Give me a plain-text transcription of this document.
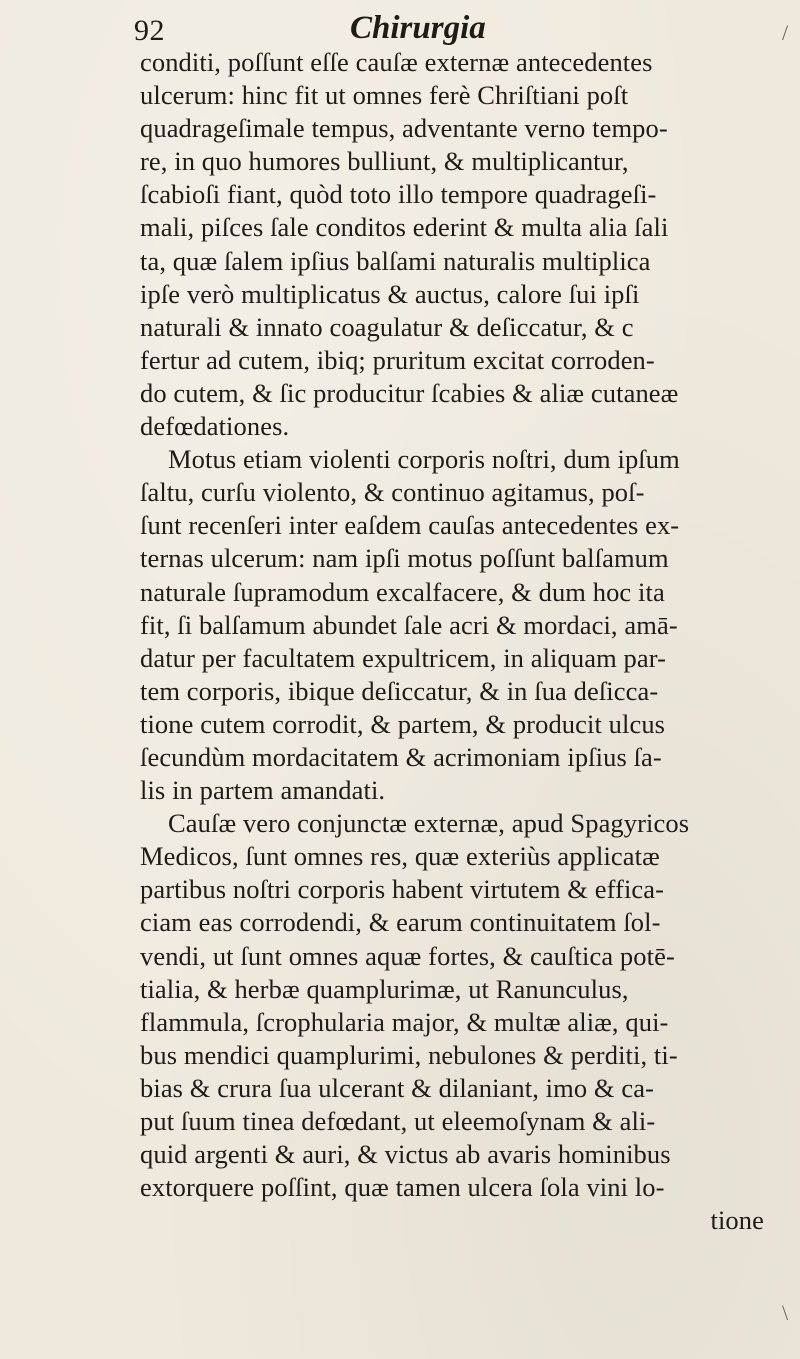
92	Chirurgia
conditi, poſſunt eſſe cauſæ externæ antecedentes
ulcerum: hinc fit ut omnes ferè Chriſtiani poſt
quadrageſimale tempus, adventante verno tempo-
re, in quo humores bulliunt, & multiplicantur,
ſcabioſi fiant, quòd toto illo tempore quadrageſi-
mali, piſces ſale conditos ederint & multa alia ſali
ta, quæ ſalem ipſius balſami naturalis multiplica
ipſe verò multiplicatus & auctus, calore ſui ipſi
naturali & innato coagulatur & deſiccatur, & c
fertur ad cutem, ibiq; pruritum excitat corroden-
do cutem, & ſic producitur ſcabies & aliæ cutaneæ
defœdationes.
Motus etiam violenti corporis noſtri, dum ipſum
ſaltu, curſu violento, & continuo agitamus, poſ-
ſunt recenſeri inter eaſdem cauſas antecedentes ex-
ternas ulcerum: nam ipſi motus poſſunt balſamum
naturale ſupramodum excalfacere, & dum hoc ita
fit, ſi balſamum abundet ſale acri & mordaci, amā-
datur per facultatem expultricem, in aliquam par-
tem corporis, ibique deſiccatur, & in ſua deſicca-
tione cutem corrodit, & partem, & producit ulcus
ſecundùm mordacitatem & acrimoniam ipſius ſa-
lis in partem amandati.
Cauſæ vero conjunctæ externæ, apud Spagyricos
Medicos, ſunt omnes res, quæ exteriùs applicatæ
partibus noſtri corporis habent virtutem & effica-
ciam eas corrodendi, & earum continuitatem ſol-
vendi, ut ſunt omnes aquæ fortes, & cauſtica potē-
tialia, & herbæ quamplurimæ, ut Ranunculus,
flammula, ſcrophularia major, & multæ aliæ, qui-
bus mendici quamplurimi, nebulones & perditi, ti-
bias & crura ſua ulcerant & dilaniant, imo & ca-
put ſuum tinea defœdant, ut eleemoſynam & ali-
quid argenti & auri, & victus ab avaris hominibus
extorquere poſſint, quæ tamen ulcera ſola vini lo-
tione
/
\
